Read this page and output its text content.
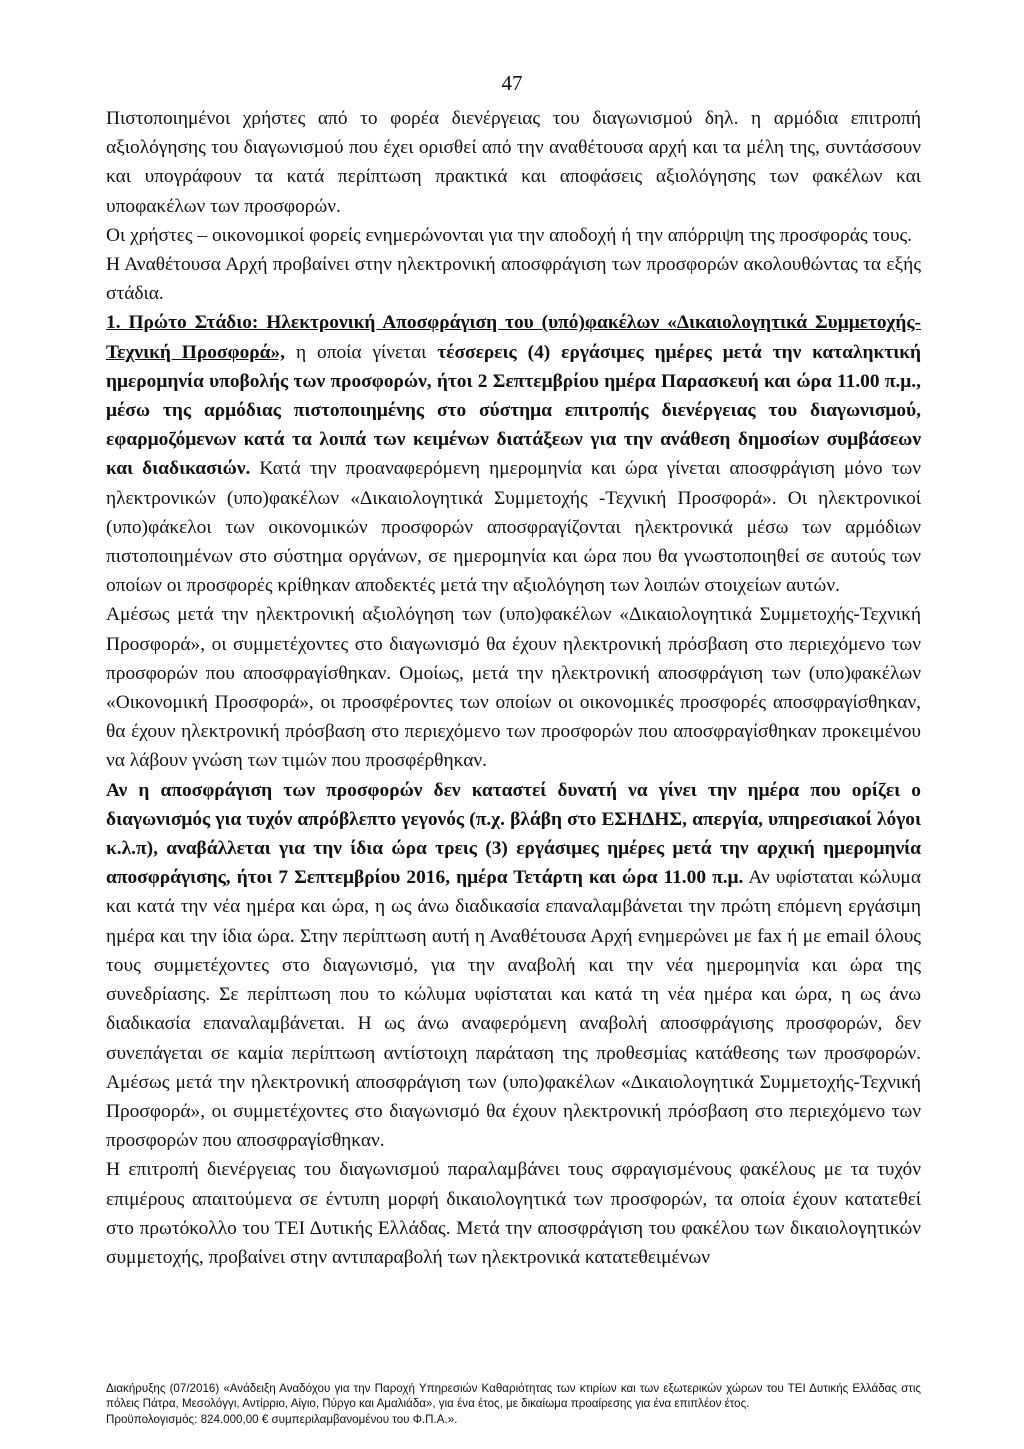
47

Πιστοποιημένοι χρήστες από το φορέα διενέργειας του διαγωνισμού δηλ. η αρμόδια επιτροπή αξιολόγησης του διαγωνισμού που έχει ορισθεί από την αναθέτουσα αρχή και τα μέλη της, συντάσσουν και υπογράφουν τα κατά περίπτωση πρακτικά και αποφάσεις αξιολόγησης των φακέλων και υποφακέλων των προσφορών.

Οι χρήστες – οικονομικοί φορείς ενημερώνονται για την αποδοχή ή την απόρριψη της προσφοράς τους.

Η Αναθέτουσα Αρχή προβαίνει στην ηλεκτρονική αποσφράγιση των προσφορών ακολουθώντας τα εξής στάδια.

1. Πρώτο Στάδιο: Ηλεκτρονική Αποσφράγιση του (υπό)φακέλων «Δικαιολογητικά Συμμετοχής-Τεχνική Προσφορά», η οποία γίνεται τέσσερεις (4) εργάσιμες ημέρες μετά την καταληκτική ημερομηνία υποβολής των προσφορών, ήτοι 2 Σεπτεμβρίου ημέρα Παρασκευή και ώρα 11.00 π.μ., μέσω της αρμόδιας πιστοποιημένης στο σύστημα επιτροπής διενέργειας του διαγωνισμού, εφαρμοζόμενων κατά τα λοιπά των κειμένων διατάξεων για την ανάθεση δημοσίων συμβάσεων και διαδικασιών. Κατά την προαναφερόμενη ημερομηνία και ώρα γίνεται αποσφράγιση μόνο των ηλεκτρονικών (υπο)φακέλων «Δικαιολογητικά Συμμετοχής -Τεχνική Προσφορά». Οι ηλεκτρονικοί (υπο)φάκελοι των οικονομικών προσφορών αποσφραγίζονται ηλεκτρονικά μέσω των αρμόδιων πιστοποιημένων στο σύστημα οργάνων, σε ημερομηνία και ώρα που θα γνωστοποιηθεί σε αυτούς των οποίων οι προσφορές κρίθηκαν αποδεκτές μετά την αξιολόγηση των λοιπών στοιχείων αυτών.

Αμέσως μετά την ηλεκτρονική αξιολόγηση των (υπο)φακέλων «Δικαιολογητικά Συμμετοχής-Τεχνική Προσφορά», οι συμμετέχοντες στο διαγωνισμό θα έχουν ηλεκτρονική πρόσβαση στο περιεχόμενο των προσφορών που αποσφραγίσθηκαν. Ομοίως, μετά την ηλεκτρονική αποσφράγιση των (υπο)φακέλων «Οικονομική Προσφορά», οι προσφέροντες των οποίων οι οικονομικές προσφορές αποσφραγίσθηκαν, θα έχουν ηλεκτρονική πρόσβαση στο περιεχόμενο των προσφορών που αποσφραγίσθηκαν προκειμένου να λάβουν γνώση των τιμών που προσφέρθηκαν.

Αν η αποσφράγιση των προσφορών δεν καταστεί δυνατή να γίνει την ημέρα που ορίζει ο διαγωνισμός για τυχόν απρόβλεπτο γεγονός (π.χ. βλάβη στο ΕΣΗΔΗΣ, απεργία, υπηρεσιακοί λόγοι κ.λ.π), αναβάλλεται για την ίδια ώρα τρεις (3) εργάσιμες ημέρες μετά την αρχική ημερομηνία αποσφράγισης, ήτοι 7 Σεπτεμβρίου 2016, ημέρα Τετάρτη και ώρα 11.00 π.μ. Αν υφίσταται κώλυμα και κατά την νέα ημέρα και ώρα, η ως άνω διαδικασία επαναλαμβάνεται την πρώτη επόμενη εργάσιμη ημέρα και την ίδια ώρα. Στην περίπτωση αυτή η Αναθέτουσα Αρχή ενημερώνει με fax ή με email όλους τους συμμετέχοντες στο διαγωνισμό, για την αναβολή και την νέα ημερομηνία και ώρα της συνεδρίασης. Σε περίπτωση που το κώλυμα υφίσταται και κατά τη νέα ημέρα και ώρα, η ως άνω διαδικασία επαναλαμβάνεται. Η ως άνω αναφερόμενη αναβολή αποσφράγισης προσφορών, δεν συνεπάγεται σε καμία περίπτωση αντίστοιχη παράταση της προθεσμίας κατάθεσης των προσφορών. Αμέσως μετά την ηλεκτρονική αποσφράγιση των (υπο)φακέλων «Δικαιολογητικά Συμμετοχής-Τεχνική Προσφορά», οι συμμετέχοντες στο διαγωνισμό θα έχουν ηλεκτρονική πρόσβαση στο περιεχόμενο των προσφορών που αποσφραγίσθηκαν.

Η επιτροπή διενέργειας του διαγωνισμού παραλαμβάνει τους σφραγισμένους φακέλους με τα τυχόν επιμέρους απαιτούμενα σε έντυπη μορφή δικαιολογητικά των προσφορών, τα οποία έχουν κατατεθεί στο πρωτόκολλο του ΤΕΙ Δυτικής Ελλάδας. Μετά την αποσφράγιση του φακέλου των δικαιολογητικών συμμετοχής, προβαίνει στην αντιπαραβολή των ηλεκτρονικά κατατεθειμένων

Διακήρυξης (07/2016) «Ανάδειξη Αναδόχου για την Παροχή Υπηρεσιών Καθαριότητας των κτιρίων και των εξωτερικών χώρων του ΤΕΙ Δυτικής Ελλάδας στις πόλεις Πάτρα, Μεσολόγγι, Αντίρριο, Αίγιο, Πύργο και Αμαλιάδα», για ένα έτος, με δικαίωμα προαίρεσης για ένα επιπλέον έτος.

Προϋπολογισμός: 824.000,00 € συμπεριλαμβανομένου του Φ.Π.Α.».
